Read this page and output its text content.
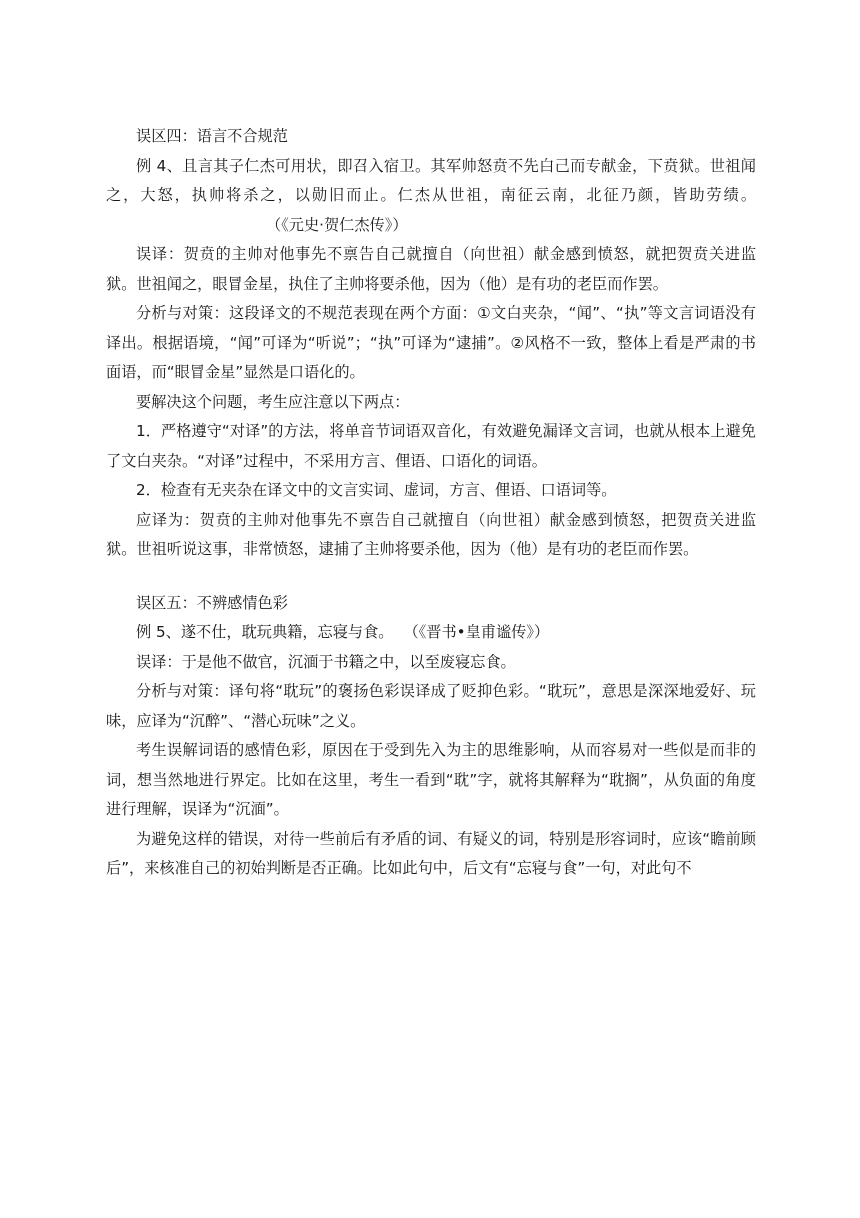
误区四：语言不合规范

例 4、且言其子仁杰可用状，即召入宿卫。其军帅怒贲不先白己而专献金，下贲狱。世祖闻之，大怒，执帅将杀之，以勋旧而止。仁杰从世祖，南征云南，北征乃颜，皆助劳绩。（《元史·贺仁杰传》）

误译：贺贲的主帅对他事先不禀告自己就擅自（向世祖）献金感到愤怒，就把贺贲关进监狱。世祖闻之，眼冒金星，执住了主帅将要杀他，因为（他）是有功的老臣而作罢。

分析与对策：这段译文的不规范表现在两个方面：①文白夹杂，“闻”、“执”等文言词语没有译出。根据语境，“闻”可译为“听说”；“执”可译为“逮捕”。②风格不一致，整体上看是严肃的书面语，而“眼冒金星”显然是口语化的。

要解决这个问题，考生应注意以下两点：

1．严格遵守“对译”的方法，将单音节词语双音化，有效避免漏译文言词，也就从根本上避免了文白夹杂。“对译”过程中，不采用方言、俚语、口语化的词语。

2．检查有无夹杂在译文中的文言实词、虚词，方言、俚语、口语词等。

应译为：贺贲的主帅对他事先不禀告自己就擅自（向世祖）献金感到愤怒，把贺贲关进监狱。世祖听说这事，非常愤怒，逮捕了主帅将要杀他，因为（他）是有功的老臣而作罢。

误区五：不辨感情色彩

例 5、遂不仕，耽玩典籍，忘寝与食。 （《晋书•皇甫谧传》）

误译：于是他不做官，沉湎于书籍之中，以至废寝忘食。

分析与对策：译句将“耽玩”的褒扬色彩误译成了贬抑色彩。“耽玩”，意思是深深地爱好、玩味，应译为“沉醉”、“潜心玩味”之义。

考生误解词语的感情色彩，原因在于受到先入为主的思维影响，从而容易对一些似是而非的词，想当然地进行界定。比如在这里，考生一看到“耽”字，就将其解释为“耽搁”，从负面的角度进行理解，误译为“沉湎”。

为避免这样的错误，对待一些前后有矛盾的词、有疑义的词，特别是形容词时，应该“瞻前顾后”，来核准自己的初始判断是否正确。比如此句中，后文有“忘寝与食”一句，对此句不
